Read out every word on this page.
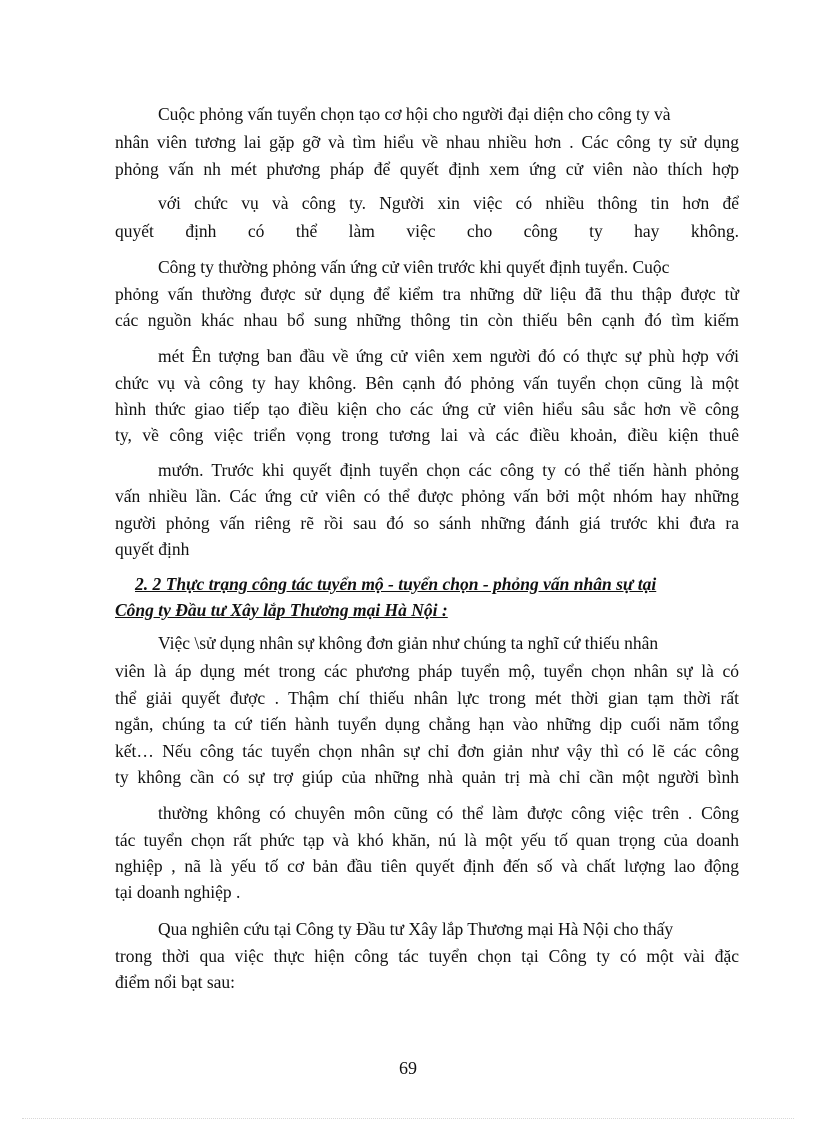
Cuộc phỏng vấn tuyển chọn tạo cơ hội cho người đại diện cho công ty và
nhân viên tương lai gặp gỡ và tìm hiểu về nhau nhiều hơn . Các công ty sử dụng
phỏng vấn nh mét phương pháp để quyết định xem ứng cử viên nào thích hợp
với chức vụ và công ty. Người xin việc có nhiều thông tin hơn để
quyết định có thể làm việc cho công ty hay không.
Công ty thường phỏng vấn ứng cử viên trước khi quyết định tuyển. Cuộc
phỏng vấn thường được sử dụng để kiểm tra những dữ liệu đã thu thập được từ
các nguồn khác nhau bổ sung những thông tin còn thiếu bên cạnh đó tìm kiếm
mét Ên tượng ban đầu về ứng cử viên xem người đó có thực sự phù hợp với
chức vụ và công ty hay không. Bên cạnh đó phỏng vấn tuyển chọn cũng là một
hình thức giao tiếp tạo điều kiện cho các ứng cử viên hiểu sâu sắc hơn về công
ty, về công việc triển vọng trong tương lai và các điều khoản, điều kiện thuê
mướn. Trước khi quyết định tuyển chọn các công ty có thể tiến hành phỏng
vấn nhiều lần. Các ứng cử viên có thể được phỏng vấn bởi một nhóm hay những
người phỏng vấn riêng rẽ rồi sau đó so sánh những đánh giá trước khi đưa ra
quyết định
2. 2 Thực trạng công tác tuyển mộ - tuyển chọn - phỏng vấn nhân sự tại
Công ty Đầu tư Xây lắp Thương mại Hà Nội :
Việc \sử dụng nhân sự không đơn giản như chúng ta nghĩ cứ thiếu nhân
viên là áp dụng mét trong các phương pháp tuyển mộ, tuyển chọn nhân sự là có
thể giải quyết được . Thậm chí thiếu nhân lực trong mét thời gian tạm thời rất
ngắn, chúng ta cứ tiến hành tuyển dụng chẳng hạn vào những dịp cuối năm tổng
kết… Nếu công tác tuyển chọn nhân sự chỉ đơn giản như vậy thì có lẽ các công
ty không cần có sự trợ giúp của những nhà quản trị mà chỉ cần một người bình
thường không có chuyên môn cũng có thể làm được công việc trên . Công
tác tuyển chọn rất phức tạp và khó khăn, nú là một yếu tố quan trọng của doanh
nghiệp , nã là yếu tố cơ bản đầu tiên quyết định đến số và chất lượng lao động
tại doanh nghiệp .
Qua nghiên cứu tại Công ty Đầu tư Xây lắp Thương mại Hà Nội cho thấy
trong thời qua việc thực hiện công tác tuyển chọn tại Công ty có một vài đặc
điểm nổi bạt sau:
69
